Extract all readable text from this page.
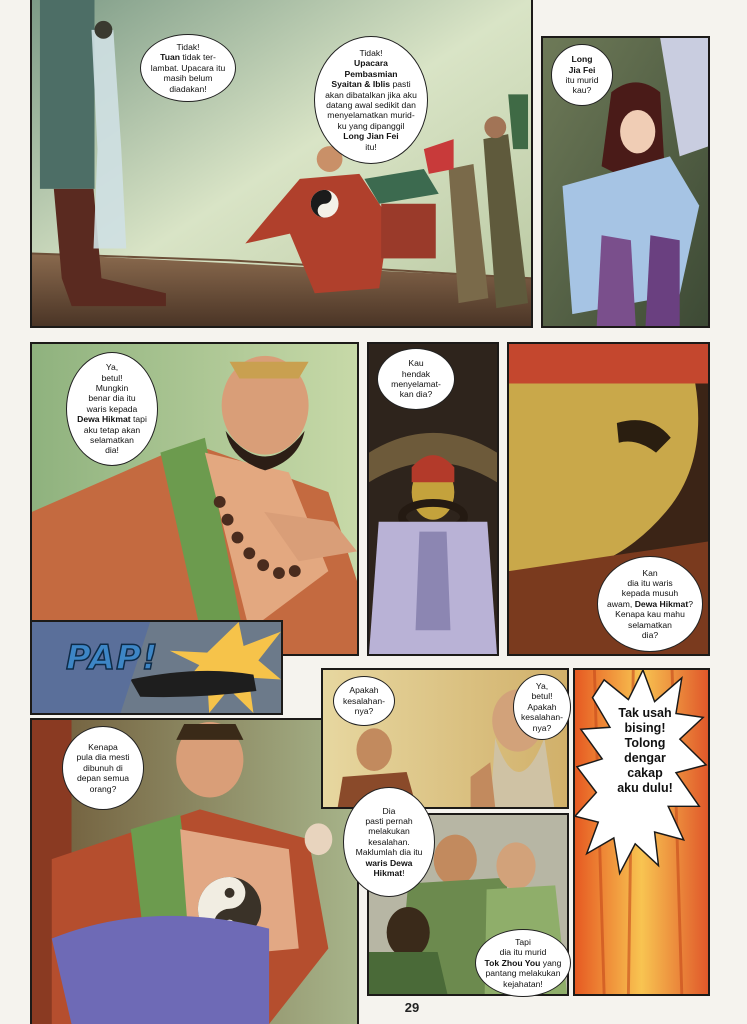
Tidak!
Tuan tidak ter-
lambat. Upacara itu
masih belum
diadakan!
Tidak!
Upacara
Pembasmian
Syaitan & Iblis pasti
akan dibatalkan jika aku
datang awal sedikit dan
menyelamatkan murid-
ku yang dipanggil
Long Jian Fei
itu!
Long
Jia Fei
itu murid
kau?
Ya,
betul!
Mungkin
benar dia itu
waris kepada
Dewa Hikmat tapi
aku tetap akan
selamatkan
dia!
Kau
hendak
menyelamat-
kan dia?
Kan
dia itu waris
kepada musuh
awam, Dewa Hikmat?
Kenapa kau mahu
selamatkan
dia?
PAP!
Kenapa
pula dia mesti
dibunuh di
depan semua
orang?
Apakah
kesalahan-
nya?
Ya,
betul!
Apakah
kesalahan-
nya?
Tak usah
bising!
Tolong
dengar
cakap
aku dulu!
Dia
pasti pernah
melakukan
kesalahan.
Maklumlah dia itu
waris Dewa
Hikmat!
Tapi
dia itu murid
Tok Zhou You yang
pantang melakukan
kejahatan!
29
